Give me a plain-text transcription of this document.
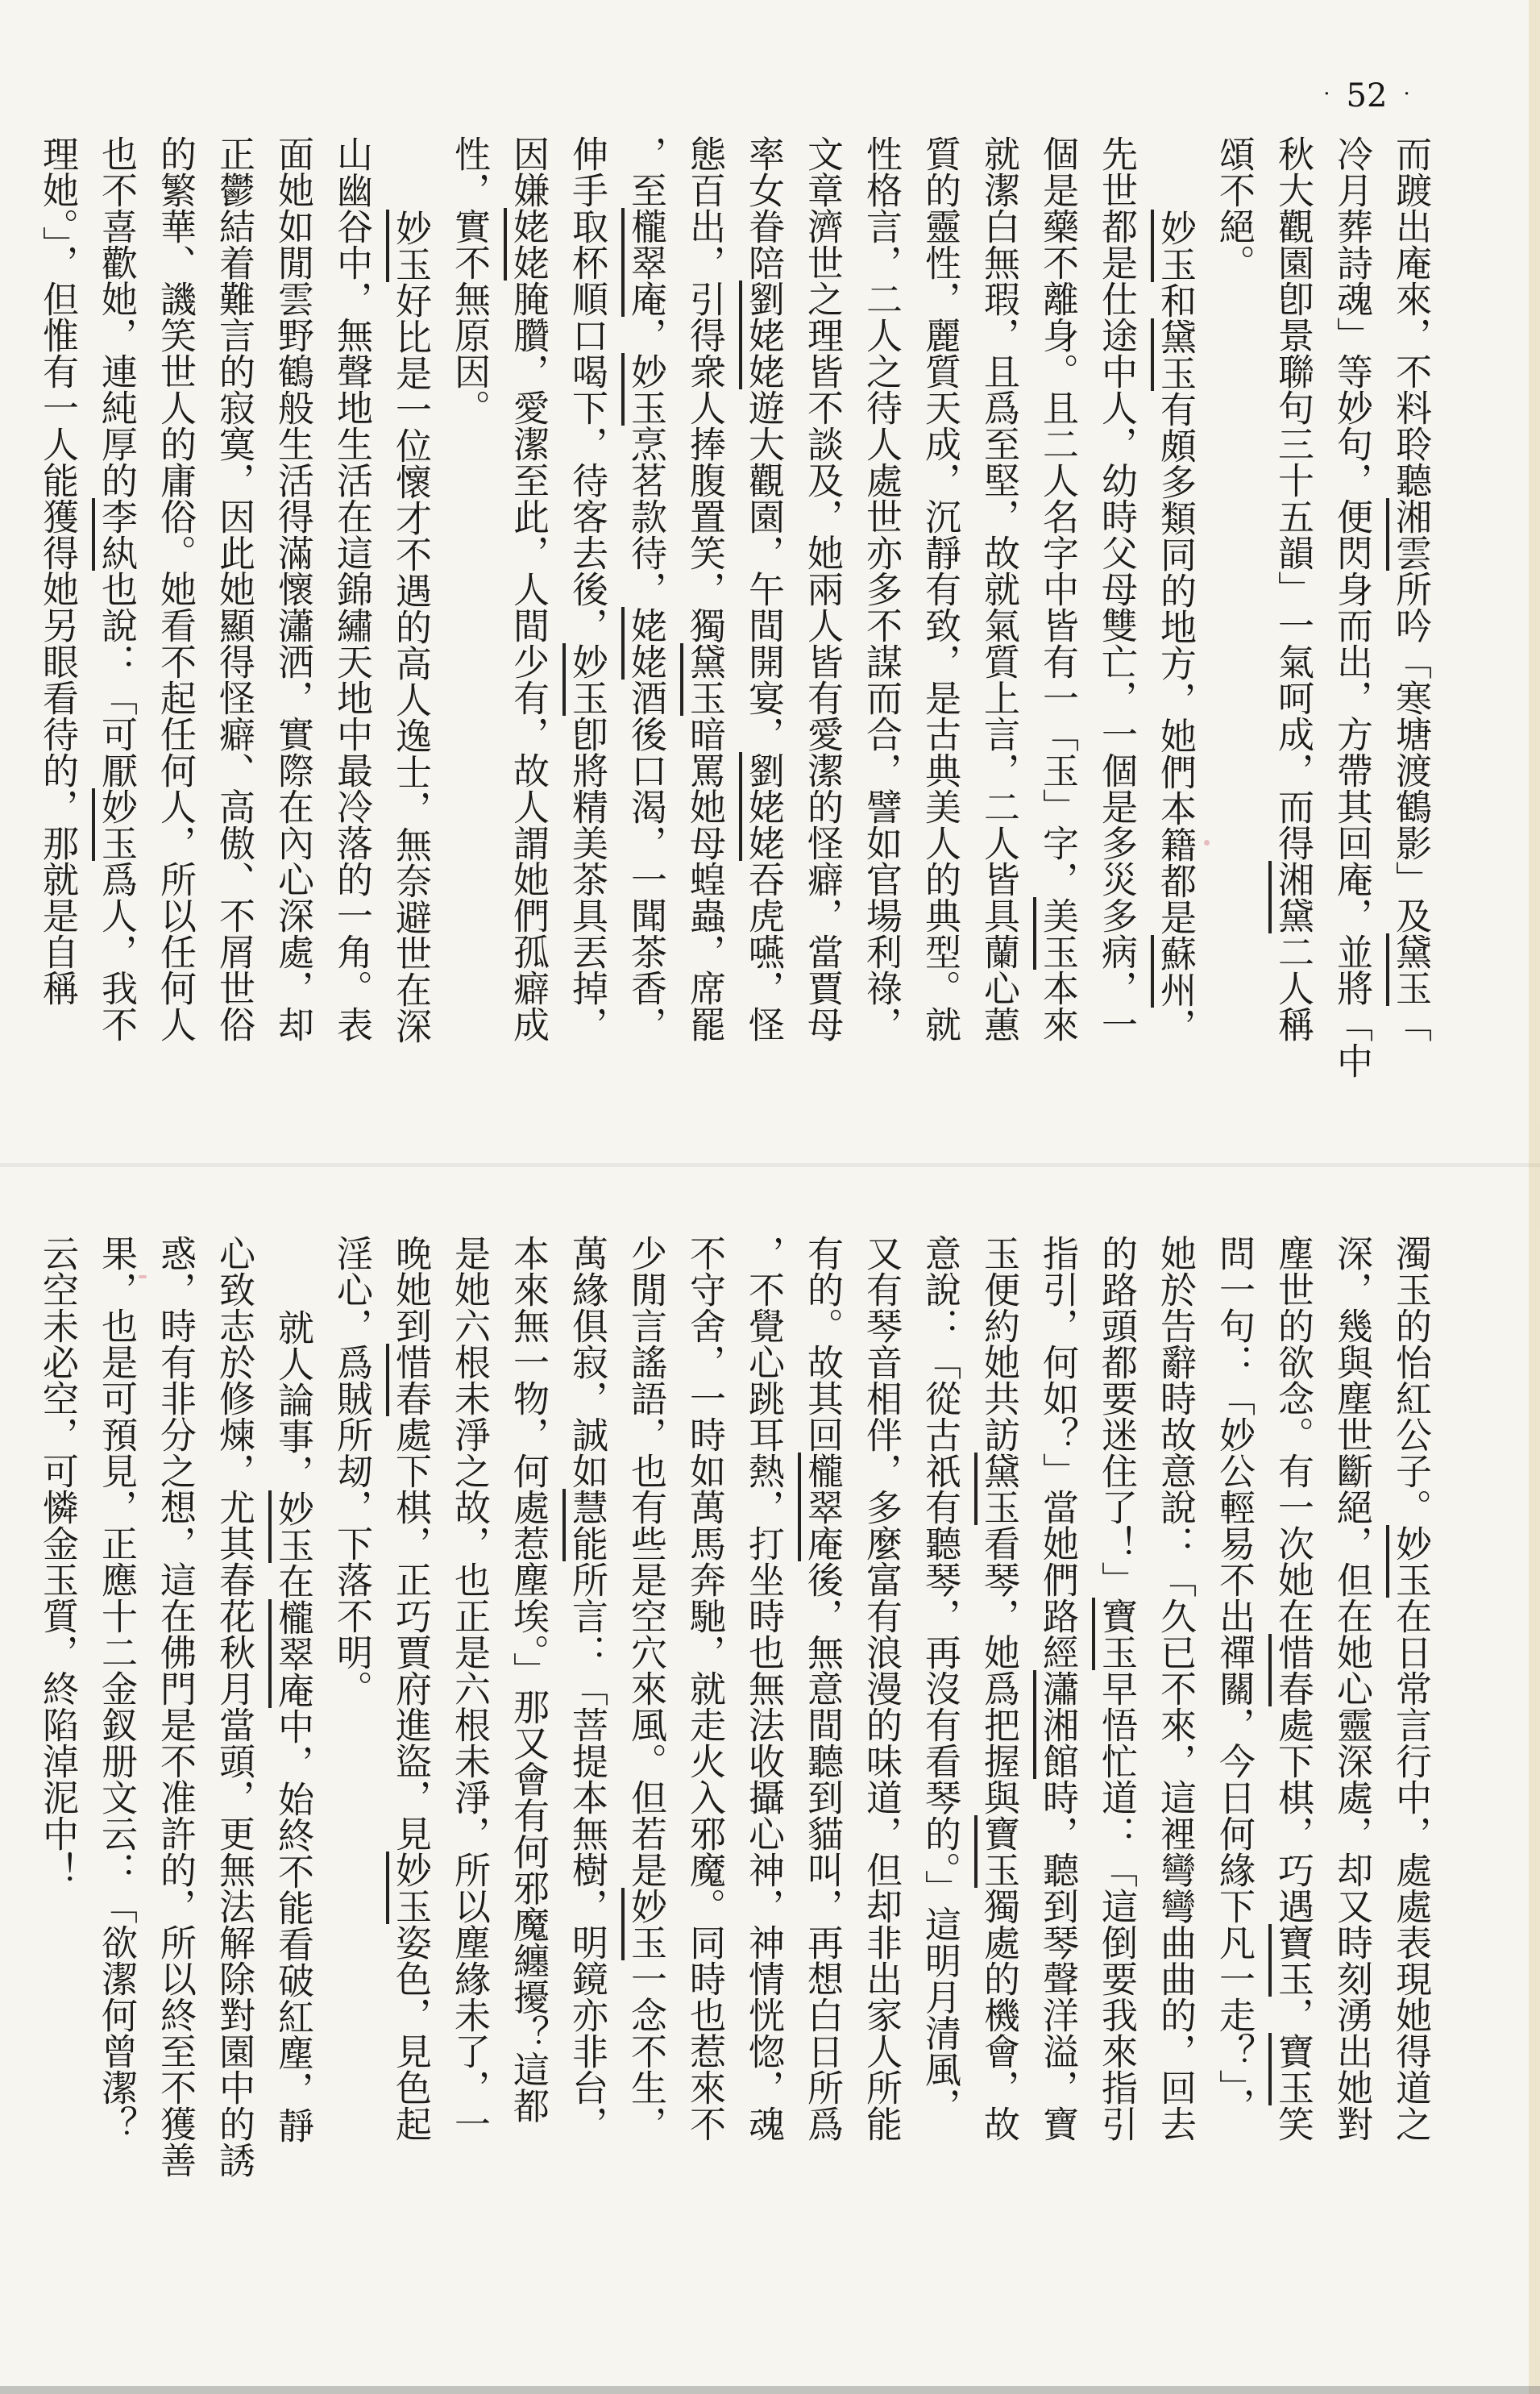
· 52 ·
而踱出庵來，不料聆聽湘雲所吟「寒塘渡鶴影」及黛玉「
冷月葬詩魂」等妙句，便閃身而出，方帶其回庵，並將「中
秋大觀園卽景聯句三十五韻」一氣呵成，而得湘黛二人稱
頌不絕。
妙玉和黛玉有頗多類同的地方，她們本籍都是蘇州，
先世都是仕途中人，幼時父母雙亡，一個是多災多病，一
個是藥不離身。且二人名字中皆有一「玉」字，美玉本來
就潔白無瑕，且爲至堅，故就氣質上言，二人皆具蘭心蕙
質的靈性，麗質天成，沉靜有致，是古典美人的典型。就
性格言，二人之待人處世亦多不謀而合，譬如官場利祿，
文章濟世之理皆不談及，她兩人皆有愛潔的怪癖，當賈母
率女眷陪劉姥姥遊大觀園，午間開宴，劉姥姥吞虎嚥，怪
態百出，引得衆人捧腹置笑，獨黛玉暗罵她母蝗蟲，席罷
，至櫳翠庵，妙玉烹茗款待，姥姥酒後口渴，一聞茶香，
伸手取杯順口喝下，待客去後，妙玉卽將精美茶具丟掉，
因嫌姥姥腌臢，愛潔至此，人間少有，故人謂她們孤癖成
性，實不無原因。
妙玉好比是一位懷才不遇的高人逸士，無奈避世在深
山幽谷中，無聲地生活在這錦繡天地中最冷落的一角。表
面她如閒雲野鶴般生活得滿懷瀟洒，實際在內心深處，却
正鬱結着難言的寂寞，因此她顯得怪癖、高傲、不屑世俗
的繁華、譏笑世人的庸俗。她看不起任何人，所以任何人
也不喜歡她，連純厚的李紈也說：「可厭妙玉爲人，我不
理她。」，但惟有一人能獲得她另眼看待的，那就是自稱
濁玉的怡紅公子。妙玉在日常言行中，處處表現她得道之
深，幾與塵世斷絕，但在她心靈深處，却又時刻湧出她對
塵世的欲念。有一次她在惜春處下棋，巧遇寶玉，寶玉笑
問一句：「妙公輕易不出禪關，今日何緣下凡一走？」，
她於告辭時故意說：「久已不來，這裡彎彎曲曲的，回去
的路頭都要迷住了！」寶玉早悟忙道：「這倒要我來指引
指引，何如？」當她們路經瀟湘館時，聽到琴聲洋溢，寶
玉便約她共訪黛玉看琴，她爲把握與寶玉獨處的機會，故
意說：「從古祇有聽琴，再沒有看琴的。」這明月清風，
又有琴音相伴，多麼富有浪漫的味道，但却非出家人所能
有的。故其回櫳翠庵後，無意間聽到貓叫，再想白日所爲
，不覺心跳耳熱，打坐時也無法收攝心神，神情恍惚，魂
不守舍，一時如萬馬奔馳，就走火入邪魔。同時也惹來不
少閒言謠語，也有些是空穴來風。但若是妙玉一念不生，
萬緣俱寂，誠如慧能所言：「菩提本無樹，明鏡亦非台，
本來無一物，何處惹塵埃。」那又會有何邪魔纏擾？這都
是她六根未淨之故，也正是六根未淨，所以塵緣未了，一
晚她到惜春處下棋，正巧賈府進盜，見妙玉姿色，見色起
淫心，爲賊所刼，下落不明。
就人論事，妙玉在櫳翠庵中，始終不能看破紅塵，靜
心致志於修煉，尤其春花秋月當頭，更無法解除對園中的誘
惑，時有非分之想，這在佛門是不准許的，所以終至不獲善
果，也是可預見，正應十二金釵册文云：「欲潔何曾潔？
云空未必空，可憐金玉質，終陷淖泥中！
